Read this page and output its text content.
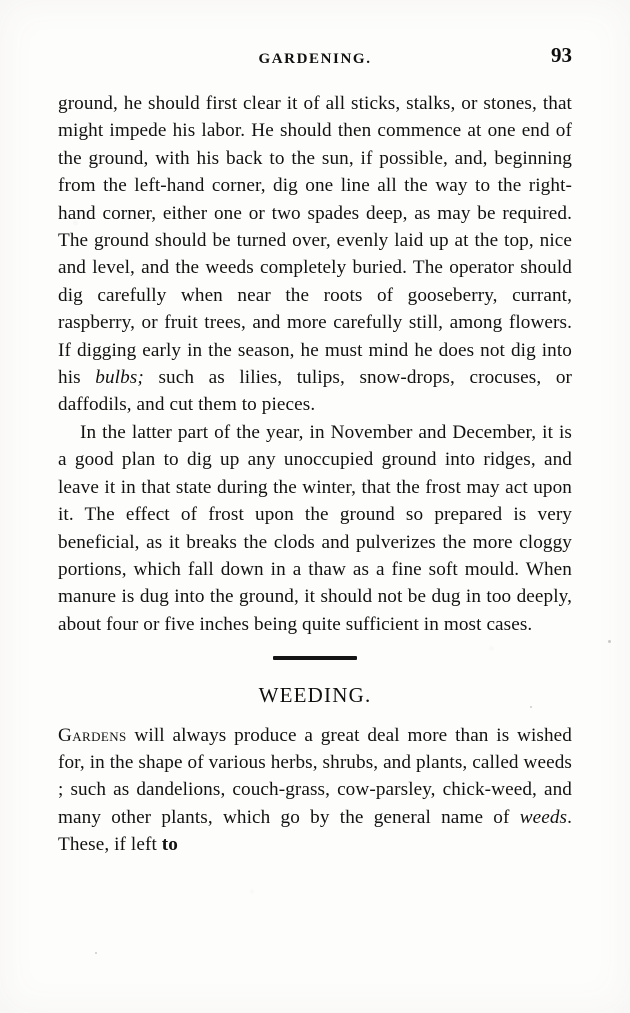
GARDENING.	93

ground, he should first clear it of all sticks, stalks, or stones, that might impede his labor. He should then commence at one end of the ground, with his back to the sun, if possible, and, beginning from the left-hand corner, dig one line all the way to the right-hand corner, either one or two spades deep, as may be required. The ground should be turned over, evenly laid up at the top, nice and level, and the weeds completely buried. The operator should dig carefully when near the roots of gooseberry, currant, raspberry, or fruit trees, and more carefully still, among flowers. If digging early in the season, he must mind he does not dig into his bulbs; such as lilies, tulips, snow-drops, crocuses, or daffodils, and cut them to pieces.

In the latter part of the year, in November and December, it is a good plan to dig up any unoccupied ground into ridges, and leave it in that state during the winter, that the frost may act upon it. The effect of frost upon the ground so prepared is very beneficial, as it breaks the clods and pulverizes the more cloggy portions, which fall down in a thaw as a fine soft mould. When manure is dug into the ground, it should not be dug in too deeply, about four or five inches being quite sufficient in most cases.

WEEDING.

Gardens will always produce a great deal more than is wished for, in the shape of various herbs, shrubs, and plants, called weeds ; such as dandelions, couch-grass, cow-parsley, chick-weed, and many other plants, which go by the general name of weeds. These, if left to
